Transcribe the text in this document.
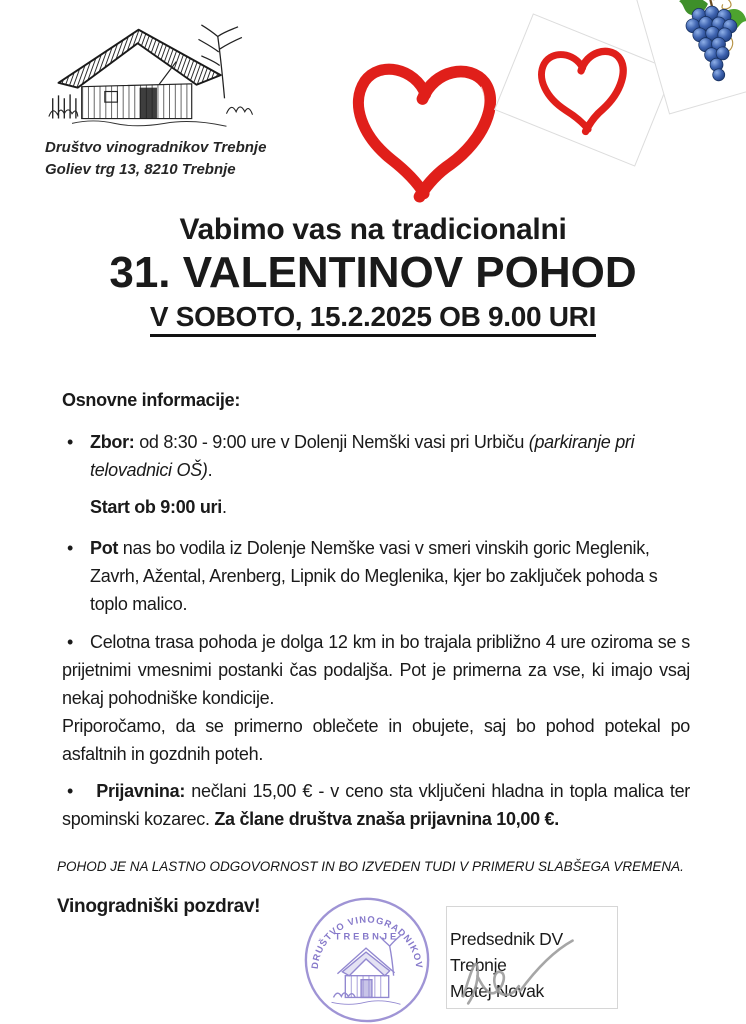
Društvo vinogradnikov Trebnje
Goliev trg 13, 8210 Trebnje
Vabimo vas na tradicionalni
31. VALENTINOV POHOD
V SOBOTO, 15.2.2025 OB 9.00 URI

Osnovne informacije:

• Zbor: od 8:30 - 9:00 ure v Dolenji Nemški vasi pri Urbiču (parkiranje pri telovadnici OŠ).

Start ob 9:00 uri.

• Pot nas bo vodila iz Dolenje Nemške vasi v smeri vinskih goric Meglenik, Zavrh, Ažental, Arenberg, Lipnik do Meglenika, kjer bo zaključek pohoda s toplo malico.

• Celotna trasa pohoda je dolga 12 km in bo trajala približno 4 ure oziroma se s prijetnimi vmesnimi postanki čas podaljša. Pot je primerna za vse, ki imajo vsaj nekaj pohodniške kondicije.

Priporočamo, da se primerno oblečete in obujete, saj bo pohod potekal po asfaltnih in gozdnih poteh.

• Prijavnina: nečlani 15,00 € - v ceno sta vključeni hladna in topla malica ter spominski kozarec. Za člane društva znaša prijavnina 10,00 €.

POHOD JE NA LASTNO ODGOVORNOST IN BO IZVEDEN TUDI V PRIMERU SLABŠEGA VREMENA.

Vinogradniški pozdrav!
DRUŠTVO VINOGRADNIKOV
TREBNJE	Predsednik DV Trebnje
Matej Novak
